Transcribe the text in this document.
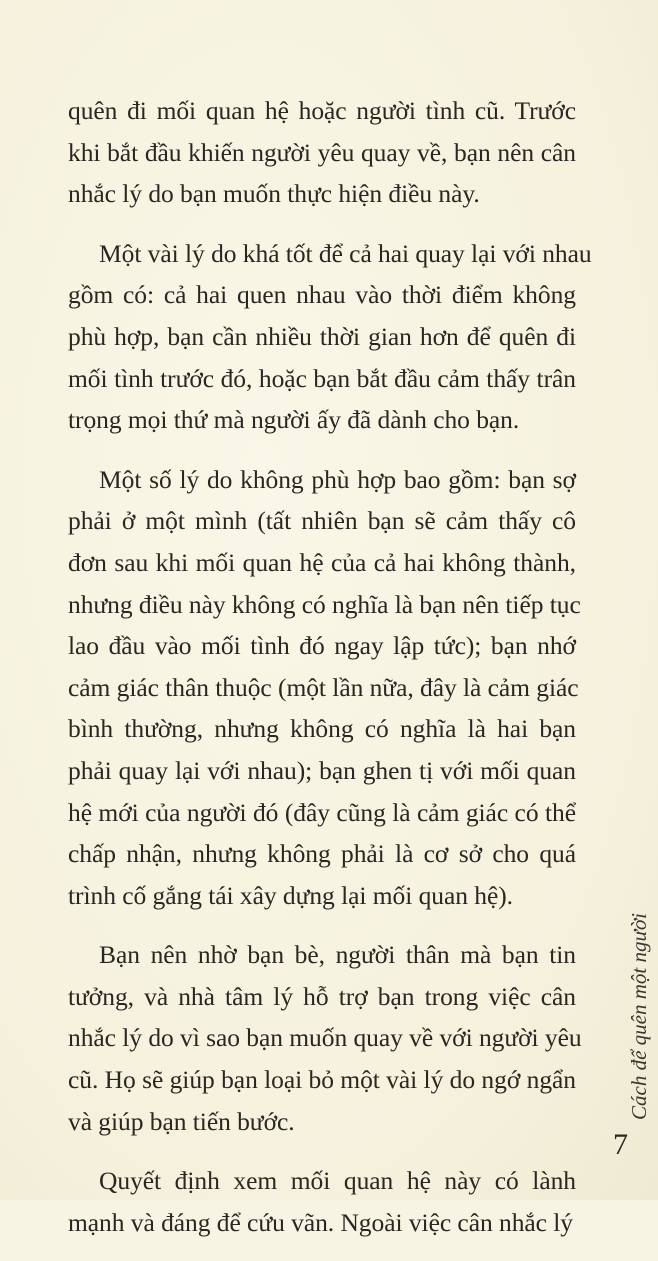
quên đi mối quan hệ hoặc người tình cũ. Trước
khi bắt đầu khiến người yêu quay về, bạn nên cân
nhắc lý do bạn muốn thực hiện điều này.
Một vài lý do khá tốt để cả hai quay lại với nhau
gồm có: cả hai quen nhau vào thời điểm không
phù hợp, bạn cần nhiều thời gian hơn để quên đi
mối tình trước đó, hoặc bạn bắt đầu cảm thấy trân
trọng mọi thứ mà người ấy đã dành cho bạn.
Một số lý do không phù hợp bao gồm: bạn sợ
phải ở một mình (tất nhiên bạn sẽ cảm thấy cô
đơn sau khi mối quan hệ của cả hai không thành,
nhưng điều này không có nghĩa là bạn nên tiếp tục
lao đầu vào mối tình đó ngay lập tức); bạn nhớ
cảm giác thân thuộc (một lần nữa, đây là cảm giác
bình thường, nhưng không có nghĩa là hai bạn
phải quay lại với nhau); bạn ghen tị với mối quan
hệ mới của người đó (đây cũng là cảm giác có thể
chấp nhận, nhưng không phải là cơ sở cho quá
trình cố gắng tái xây dựng lại mối quan hệ).
Bạn nên nhờ bạn bè, người thân mà bạn tin
tưởng, và nhà tâm lý hỗ trợ bạn trong việc cân
nhắc lý do vì sao bạn muốn quay về với người yêu
cũ. Họ sẽ giúp bạn loại bỏ một vài lý do ngớ ngẩn
và giúp bạn tiến bước.
Quyết định xem mối quan hệ này có lành
mạnh và đáng để cứu vãn. Ngoài việc cân nhắc lý
Cách để quên một người
7
